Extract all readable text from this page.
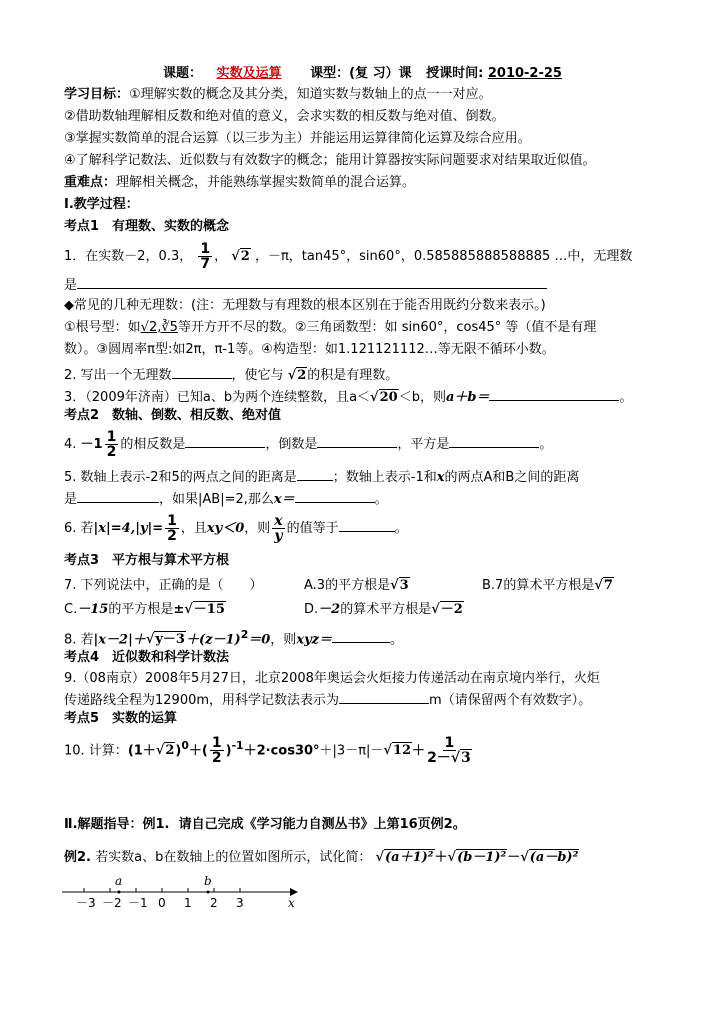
课题： 实数及运算 课型：(复 习）课 授课时间: 2010-2-25
学习目标：①理解实数的概念及其分类，知道实数与数轴上的点一一对应。
②借助数轴理解相反数和绝对值的意义，会求实数的相反数与绝对值、倒数。
③掌握实数简单的混合运算（以三步为主）并能运用运算律简化运算及综合应用。
④了解科学记数法、近似数与有效数字的概念；能用计算器按实际问题要求对结果取近似值。
重难点：理解相关概念，并能熟练掌握实数简单的混合运算。
Ⅰ.教学过程：
考点1　有理数、实数的概念
1．在实数－2，0.3， $\frac{1}{7}$ ， √2 ，－π，tan45°，sin60°，0.585885888588885 …中，无理数
是
◆常见的几种无理数：(注：无理数与有理数的根本区别在于能否用既约分数来表示。)
①根号型：如√2,∛5等开方开不尽的数。②三角函数型：如 sin60°，cos45° 等（值不是有理
数）。③圆周率π型:如2π，π-1等。④构造型：如1.121121112…等无限不循环小数。
2. 写出一个无理数	，使它与 √2的积是有理数。
3．（2009年济南）已知a、b为两个连续整数，且a＜√20＜b，则a＋b＝	。
考点2　数轴、倒数、相反数、绝对值
4. $-1 \frac{1}{2}$ 的相反数是	，倒数是	，平方是	。
5. 数轴上表示-2和5的两点之间的距离是	；数轴上表示-1和x的两点A和B之间的距离
是	，如果|AB|=2,那么x＝	。
6. 若$|x|=4,|y|= \frac{1}{2}$ ，且xy＜0，则 $\frac{x}{y}$ 的值等于	。
考点3　平方根与算术平方根
7. 下列说法中，正确的是（　　）	A.3的平方根是√3	B.7的算术平方根是√7
C.－15的平方根是±√－15	D.－2的算术平方根是√－2
8. 若$|x-2|+√y-3+(z-1)^2=0$，则xyz＝	。
考点4　近似数和科学计数法
9.（08南京）2008年5月27日，北京2008年奥运会火炬接力传递活动在南京境内举行，火炬
传递路线全程为12900m，用科学记数法表示为	m（请保留两个有效数字）。
考点5　实数的运算
10. 计算：$(1+√2)^0+( \frac{1}{2} )^{-1}+2\cdot\cos 30^\circ+|3-\pi|-√12+ \frac{1}{2-√3}$
Ⅱ.解题指导：例1. 请自己完成《学习能力自测丛书》上第16页例2。
例2. 若实数a、b在数轴上的位置如图所示，试化简： √(a＋1)²＋√(b－1)²－√(a－b)²
a	b
－3 －2 －1 0 1 2 3	x
